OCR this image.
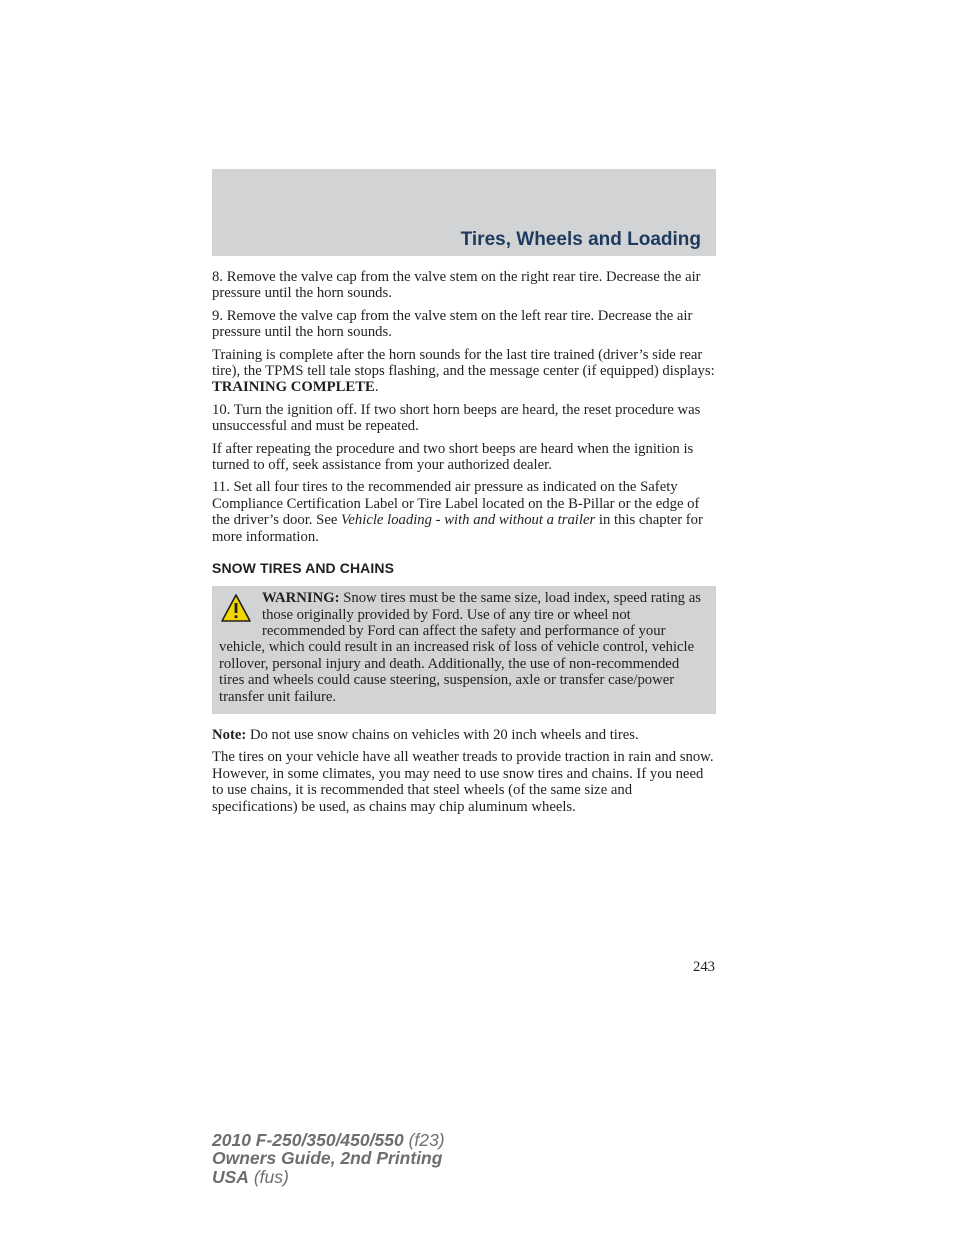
Tires, Wheels and Loading

8. Remove the valve cap from the valve stem on the right rear tire. Decrease the air pressure until the horn sounds.

9. Remove the valve cap from the valve stem on the left rear tire. Decrease the air pressure until the horn sounds.

Training is complete after the horn sounds for the last tire trained (driver’s side rear tire), the TPMS tell tale stops flashing, and the message center (if equipped) displays:
TRAINING COMPLETE.

10. Turn the ignition off. If two short horn beeps are heard, the reset procedure was unsuccessful and must be repeated.

If after repeating the procedure and two short beeps are heard when the ignition is turned to off, seek assistance from your authorized dealer.

11. Set all four tires to the recommended air pressure as indicated on the Safety Compliance Certification Label or Tire Label located on the B-Pillar or the edge of the driver’s door. See Vehicle loading - with and without a trailer in this chapter for more information.

SNOW TIRES AND CHAINS

WARNING: Snow tires must be the same size, load index, speed rating as those originally provided by Ford. Use of any tire or wheel not recommended by Ford can affect the safety and performance of your vehicle, which could result in an increased risk of loss of vehicle control, vehicle rollover, personal injury and death. Additionally, the use of non-recommended tires and wheels could cause steering, suspension, axle or transfer case/power transfer unit failure.

Note: Do not use snow chains on vehicles with 20 inch wheels and tires.

The tires on your vehicle have all weather treads to provide traction in rain and snow. However, in some climates, you may need to use snow tires and chains. If you need to use chains, it is recommended that steel wheels (of the same size and specifications) be used, as chains may chip aluminum wheels.

243
2010 F-250/350/450/550 (f23)
Owners Guide, 2nd Printing
USA (fus)
